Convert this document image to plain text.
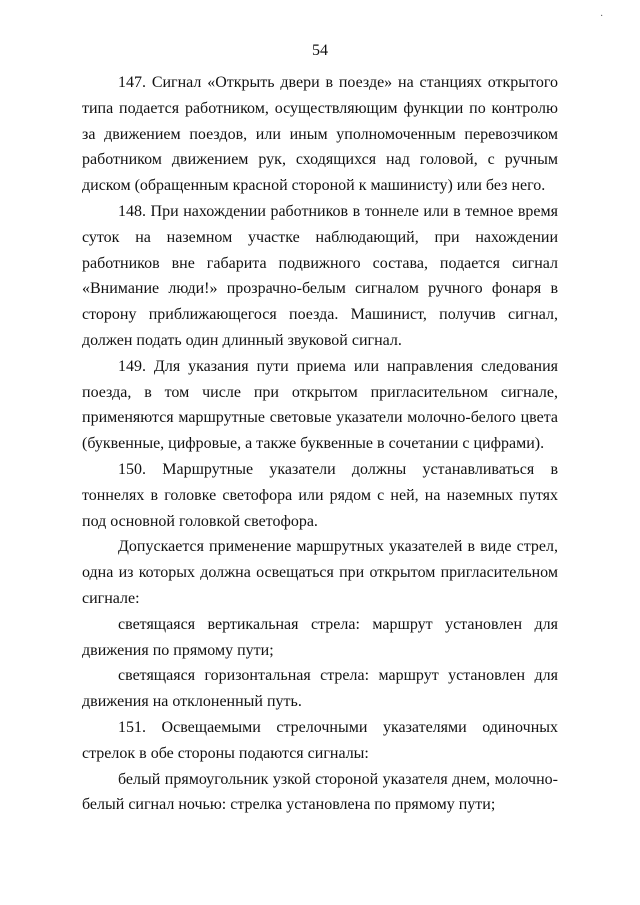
·
54

147. Сигнал «Открыть двери в поезде» на станциях открытого типа подается работником, осуществляющим функции по контролю за движением поездов, или иным уполномоченным перевозчиком работником движением рук, сходящихся над головой, с ручным диском (обращенным красной стороной к машинисту) или без него.

148. При нахождении работников в тоннеле или в темное время суток на наземном участке наблюдающий, при нахождении работников вне габарита подвижного состава, подается сигнал «Внимание люди!» прозрачно-белым сигналом ручного фонаря в сторону приближающегося поезда. Машинист, получив сигнал, должен подать один длинный звуковой сигнал.

149. Для указания пути приема или направления следования поезда, в том числе при открытом пригласительном сигнале, применяются маршрутные световые указатели молочно-белого цвета (буквенные, цифровые, а также буквенные в сочетании с цифрами).

150. Маршрутные указатели должны устанавливаться в тоннелях в головке светофора или рядом с ней, на наземных путях под основной головкой светофора.

Допускается применение маршрутных указателей в виде стрел, одна из которых должна освещаться при открытом пригласительном сигнале:

светящаяся вертикальная стрела: маршрут установлен для движения по прямому пути;

светящаяся горизонтальная стрела: маршрут установлен для движения на отклоненный путь.

151. Освещаемыми стрелочными указателями одиночных стрелок в обе стороны подаются сигналы:

белый прямоугольник узкой стороной указателя днем, молочно-белый сигнал ночью: стрелка установлена по прямому пути;
